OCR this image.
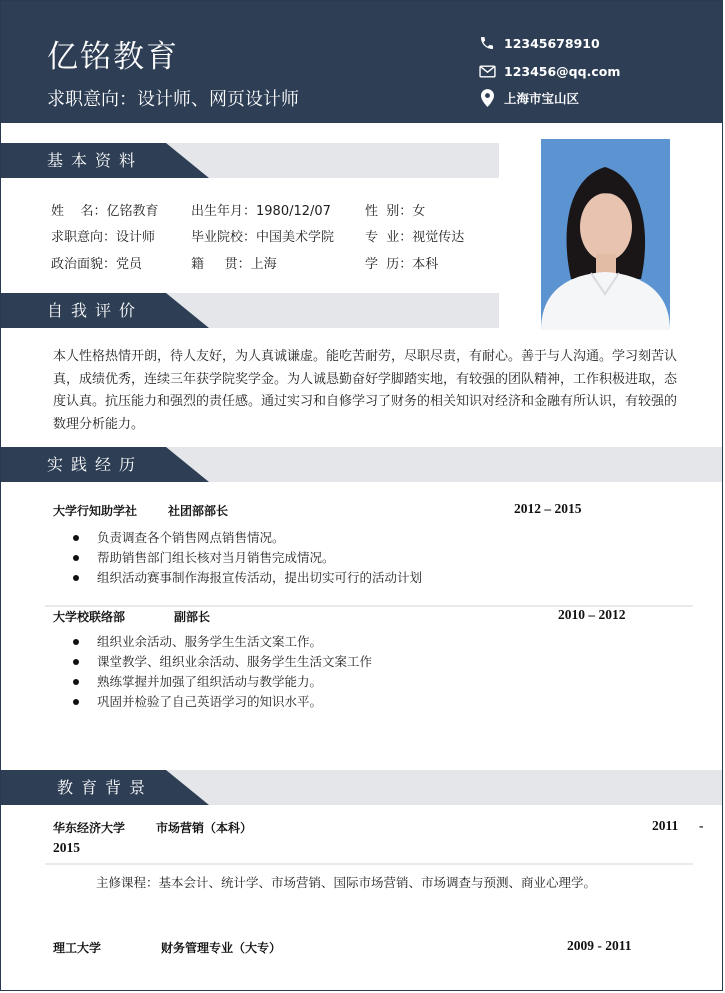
亿铭教育
求职意向：设计师、网页设计师
12345678910
123456@qq.com
上海市宝山区
基本资料
姓    名：亿铭教育 出生年月：1980/12/07	性  别：女
求职意向：设计师	毕业院校：中国美术学院 专  业：视觉传达
政治面貌：党员	籍     贯：上海	学  历：本科
自我评价

本人性格热情开朗，待人友好，为人真诚谦虚。能吃苦耐劳，尽职尽责，有耐心。善于与人沟通。学习刻苦认真，成绩优秀，连续三年获学院奖学金。为人诚恳勤奋好学脚踏实地，有较强的团队精神，工作积极进取，态度认真。抗压能力和强烈的责任感。通过实习和自修学习了财务的相关知识对经济和金融有所认识，有较强的数理分析能力。

实践经历
大学行知助学社	社团部部长	2012 – 2015
负责调查各个销售网点销售情况。
帮助销售部门组长核对当月销售完成情况。
组织活动赛事制作海报宣传活动，提出切实可行的活动计划
大学校联络部	副部长	2010 – 2012
组织业余活动、服务学生生活文案工作。
课堂教学、组织业余活动、服务学生生活文案工作
熟练掌握并加强了组织活动与教学能力。
巩固并检验了自己英语学习的知识水平。
教育背景
华东经济大学	市场营销（本科）	2011 -
2015
主修课程：基本会计、统计学、市场营销、国际市场营销、市场调查与预测、商业心理学。
理工大学	财务管理专业（大专）	2009 - 2011
